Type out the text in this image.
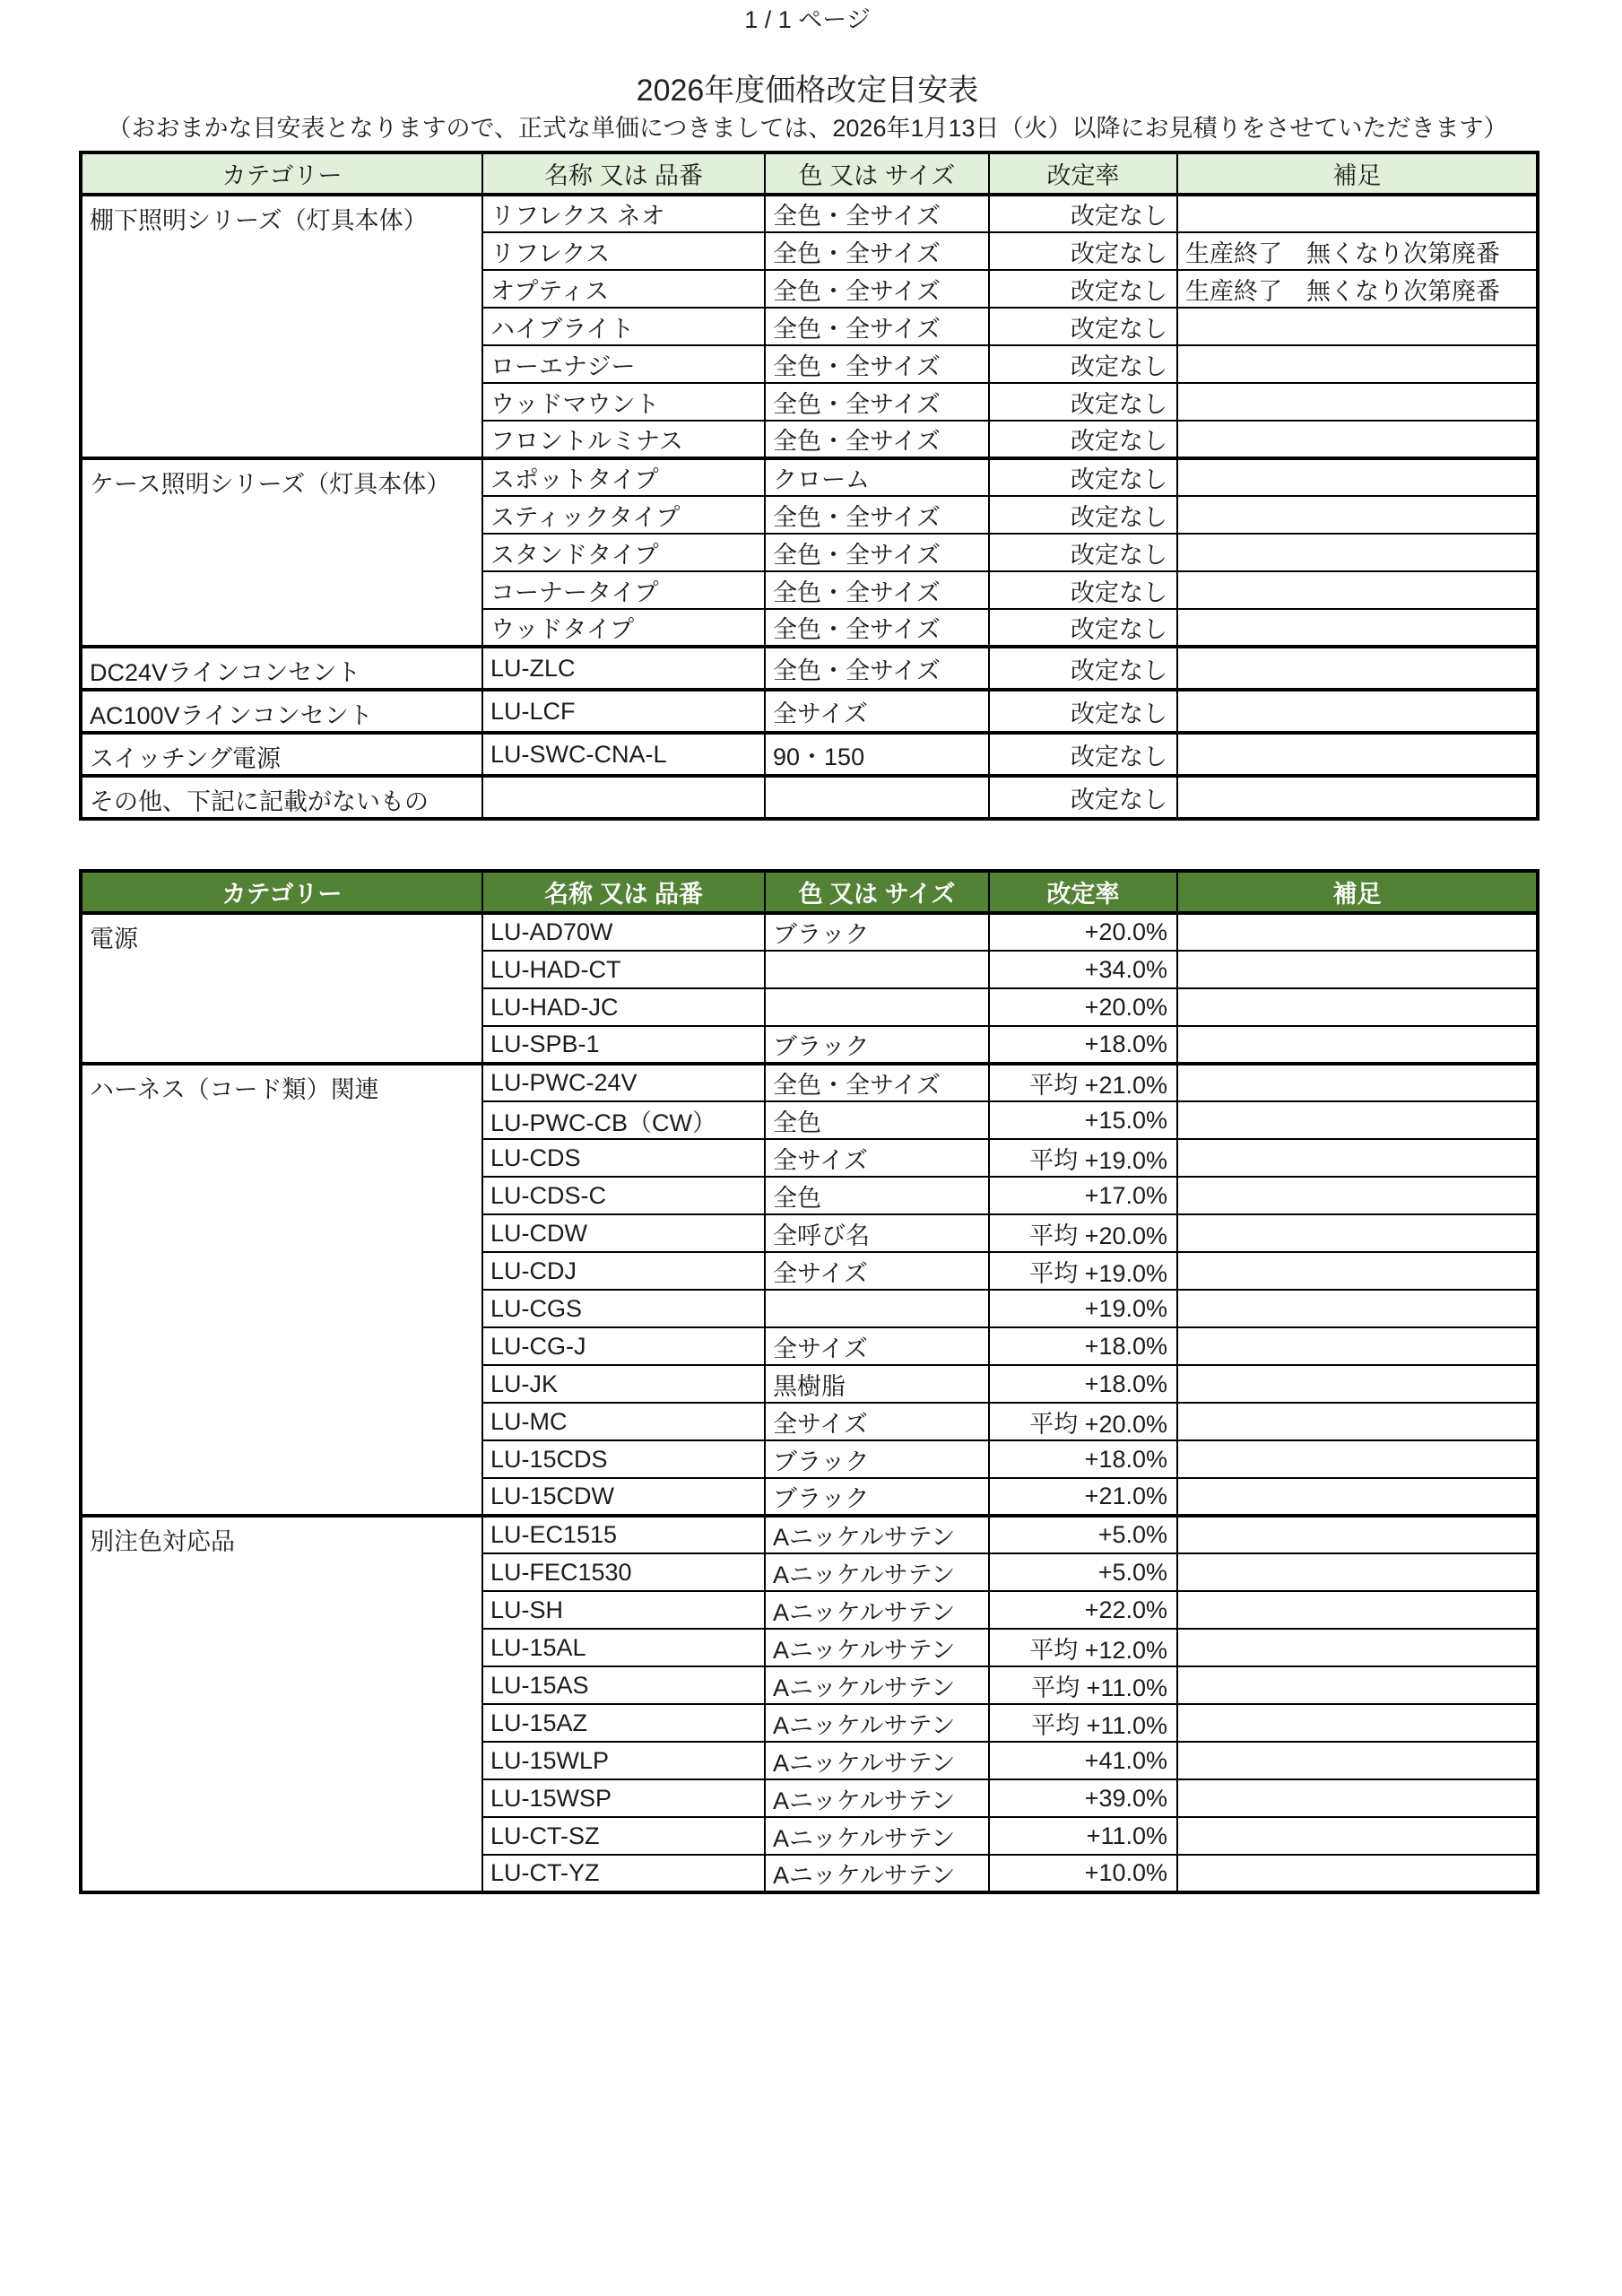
2026年度価格改定目安表
（おおまかな目安表となりますので、正式な単価につきましては、2026年1月13日（火）以降にお見積りをさせていただきます）
カテゴリー	名称 又は 品番	色 又は サイズ	改定率	補足
棚下照明シリーズ（灯具本体）	リフレクス ネオ	全色・全サイズ	改定なし	
	リフレクス	全色・全サイズ	改定なし	生産終了　無くなり次第廃番
	オプティス	全色・全サイズ	改定なし	生産終了　無くなり次第廃番
	ハイブライト	全色・全サイズ	改定なし	
	ローエナジー	全色・全サイズ	改定なし	
	ウッドマウント	全色・全サイズ	改定なし	
	フロントルミナス	全色・全サイズ	改定なし	
ケース照明シリーズ（灯具本体）	スポットタイプ	クローム	改定なし	
	スティックタイプ	全色・全サイズ	改定なし	
	スタンドタイプ	全色・全サイズ	改定なし	
	コーナータイプ	全色・全サイズ	改定なし	
	ウッドタイプ	全色・全サイズ	改定なし	
DC24Vラインコンセント	LU-ZLC	全色・全サイズ	改定なし	
AC100Vラインコンセント	LU-LCF	全サイズ	改定なし	
スイッチング電源	LU-SWC-CNA-L	90・150	改定なし	
その他、下記に記載がないもの			改定なし	
カテゴリー	名称 又は 品番	色 又は サイズ	改定率	補足
電源	LU-AD70W	ブラック	+20.0%	
	LU-HAD-CT		+34.0%	
	LU-HAD-JC		+20.0%	
	LU-SPB-1	ブラック	+18.0%	
ハーネス（コード類）関連	LU-PWC-24V	全色・全サイズ	平均 +21.0%	
	LU-PWC-CB（CW）	全色	+15.0%	
	LU-CDS	全サイズ	平均 +19.0%	
	LU-CDS-C	全色	+17.0%	
	LU-CDW	全呼び名	平均 +20.0%	
	LU-CDJ	全サイズ	平均 +19.0%	
	LU-CGS		+19.0%	
	LU-CG-J	全サイズ	+18.0%	
	LU-JK	黒樹脂	+18.0%	
	LU-MC	全サイズ	平均 +20.0%	
	LU-15CDS	ブラック	+18.0%	
	LU-15CDW	ブラック	+21.0%	
別注色対応品	LU-EC1515	Aニッケルサテン	+5.0%	
	LU-FEC1530	Aニッケルサテン	+5.0%	
	LU-SH	Aニッケルサテン	+22.0%	
	LU-15AL	Aニッケルサテン	平均 +12.0%	
	LU-15AS	Aニッケルサテン	平均 +11.0%	
	LU-15AZ	Aニッケルサテン	平均 +11.0%	
	LU-15WLP	Aニッケルサテン	+41.0%	
	LU-15WSP	Aニッケルサテン	+39.0%	
	LU-CT-SZ	Aニッケルサテン	+11.0%	
	LU-CT-YZ	Aニッケルサテン	+10.0%	
1 / 1 ページ
